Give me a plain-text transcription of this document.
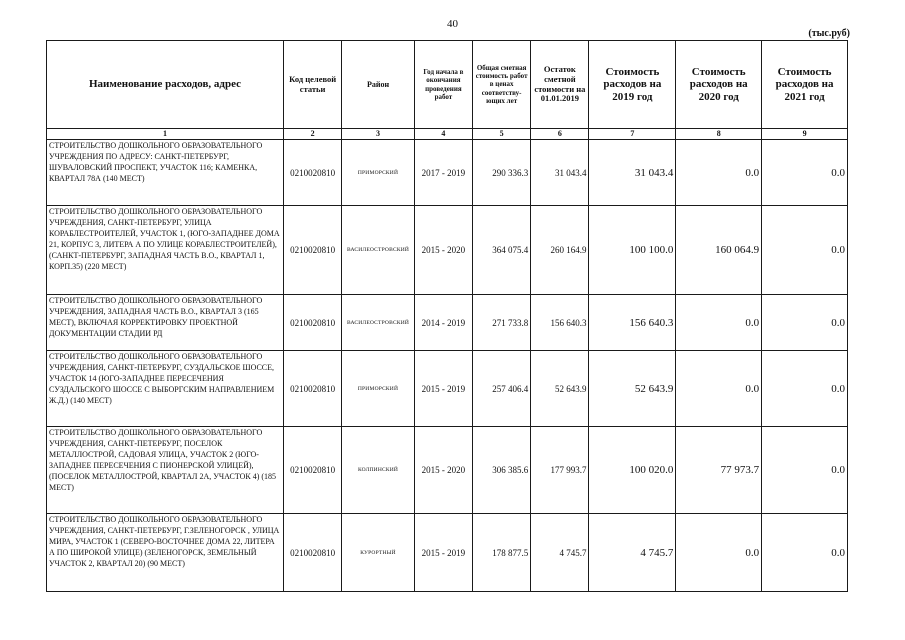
40
(тыс.руб)
Наименование расходов, адрес	Код целевой статьи	Район	Год начала в окончания проведения работ	Общая сметная стоимость работ в ценах соответству-ющих лет	Остаток сметной стоимости на 01.01.2019	Стоимость расходов на 2019 год	Стоимость расходов на 2020 год	Стоимость расходов на 2021 год
1	2	3	4	5	6	7	8	9
СТРОИТЕЛЬСТВО ДОШКОЛЬНОГО ОБРАЗОВАТЕЛЬНОГО УЧРЕЖДЕНИЯ ПО АДРЕСУ: САНКТ-ПЕТЕРБУРГ, ШУВАЛОВСКИЙ ПРОСПЕКТ, УЧАСТОК 116; КАМЕНКА, КВАРТАЛ 78А (140 МЕСТ)	0210020810	ПРИМОРСКИЙ	2017 - 2019	290 336.3	31 043.4	31 043.4	0.0	0.0
СТРОИТЕЛЬСТВО ДОШКОЛЬНОГО ОБРАЗОВАТЕЛЬНОГО УЧРЕЖДЕНИЯ, САНКТ-ПЕТЕРБУРГ, УЛИЦА КОРАБЛЕСТРОИТЕЛЕЙ, УЧАСТОК 1, (ЮГО-ЗАПАДНЕЕ ДОМА 21, КОРПУС 3, ЛИТЕРА А ПО УЛИЦЕ КОРАБЛЕСТРОИТЕЛЕЙ), (САНКТ-ПЕТЕРБУРГ, ЗАПАДНАЯ ЧАСТЬ В.О., КВАРТАЛ 1, КОРП.35) (220 МЕСТ)	0210020810	ВАСИЛЕОСТРОВСКИЙ	2015 - 2020	364 075.4	260 164.9	100 100.0	160 064.9	0.0
СТРОИТЕЛЬСТВО ДОШКОЛЬНОГО ОБРАЗОВАТЕЛЬНОГО УЧРЕЖДЕНИЯ, ЗАПАДНАЯ ЧАСТЬ В.О., КВАРТАЛ 3 (165 МЕСТ), ВКЛЮЧАЯ КОРРЕКТИРОВКУ ПРОЕКТНОЙ ДОКУМЕНТАЦИИ СТАДИИ РД	0210020810	ВАСИЛЕОСТРОВСКИЙ	2014 - 2019	271 733.8	156 640.3	156 640.3	0.0	0.0
СТРОИТЕЛЬСТВО ДОШКОЛЬНОГО ОБРАЗОВАТЕЛЬНОГО УЧРЕЖДЕНИЯ, САНКТ-ПЕТЕРБУРГ, СУЗДАЛЬСКОЕ ШОССЕ, УЧАСТОК 14 (ЮГО-ЗАПАДНЕЕ ПЕРЕСЕЧЕНИЯ СУЗДАЛЬСКОГО ШОССЕ С ВЫБОРГСКИМ НАПРАВЛЕНИЕМ Ж.Д.) (140 МЕСТ)	0210020810	ПРИМОРСКИЙ	2015 - 2019	257 406.4	52 643.9	52 643.9	0.0	0.0
СТРОИТЕЛЬСТВО ДОШКОЛЬНОГО ОБРАЗОВАТЕЛЬНОГО УЧРЕЖДЕНИЯ, САНКТ-ПЕТЕРБУРГ, ПОСЕЛОК МЕТАЛЛОСТРОЙ, САДОВАЯ УЛИЦА, УЧАСТОК 2 (ЮГО-ЗАПАДНЕЕ ПЕРЕСЕЧЕНИЯ С ПИОНЕРСКОЙ УЛИЦЕЙ), (ПОСЕЛОК МЕТАЛЛОСТРОЙ, КВАРТАЛ 2А, УЧАСТОК 4) (185 МЕСТ)	0210020810	КОЛПИНСКИЙ	2015 - 2020	306 385.6	177 993.7	100 020.0	77 973.7	0.0
СТРОИТЕЛЬСТВО ДОШКОЛЬНОГО ОБРАЗОВАТЕЛЬНОГО УЧРЕЖДЕНИЯ, САНКТ-ПЕТЕРБУРГ, Г.ЗЕЛЕНОГОРСК , УЛИЦА МИРА, УЧАСТОК 1 (СЕВЕРО-ВОСТОЧНЕЕ ДОМА 22, ЛИТЕРА А ПО ШИРОКОЙ УЛИЦЕ) (ЗЕЛЕНОГОРСК, ЗЕМЕЛЬНЫЙ УЧАСТОК 2, КВАРТАЛ 20) (90 МЕСТ)	0210020810	КУРОРТНЫЙ	2015 - 2019	178 877.5	4 745.7	4 745.7	0.0	0.0
